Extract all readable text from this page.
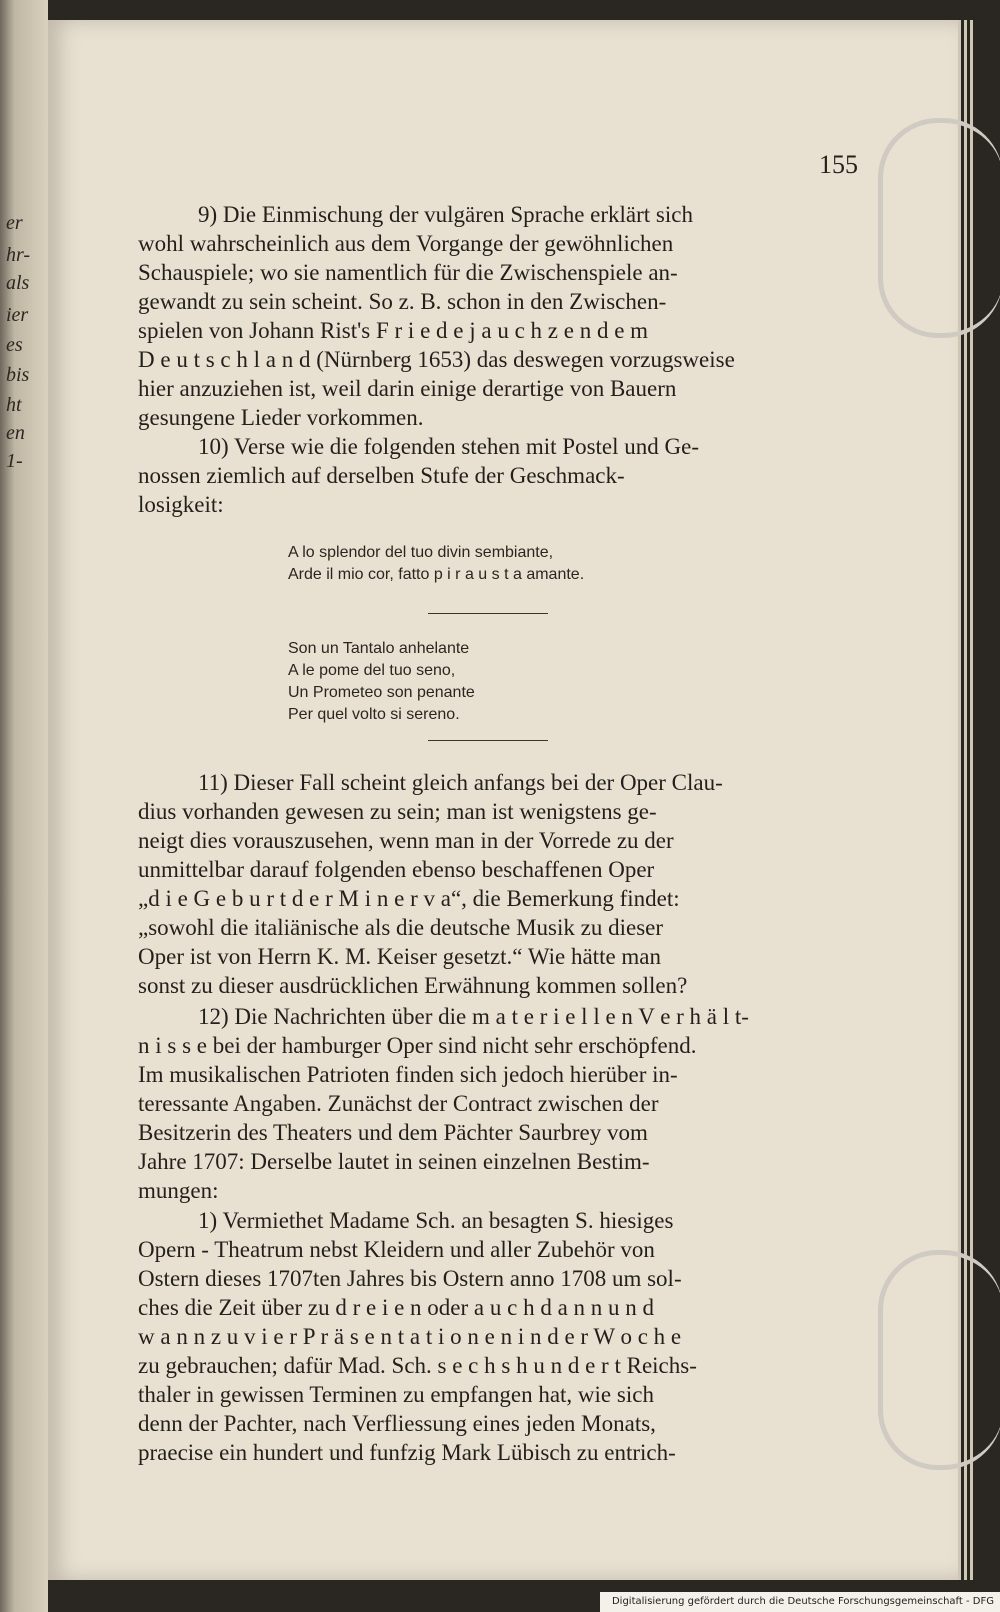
er
hr-
als
ier
es
bis
ht
en
1-
155
9) Die Einmischung der vulgären Sprache erklärt sich
wohl wahrscheinlich aus dem Vorgange der gewöhnlichen
Schauspiele; wo sie namentlich für die Zwischenspiele an-
gewandt zu sein scheint. So z. B. schon in den Zwischen-
spielen von Johann Rist's F r i e d e j a u c h z e n d e m
D e u t s c h l a n d (Nürnberg 1653) das deswegen vorzugsweise
hier anzuziehen ist, weil darin einige derartige von Bauern
gesungene Lieder vorkommen.
10) Verse wie die folgenden stehen mit Postel und Ge-
nossen ziemlich auf derselben Stufe der Geschmack-
losigkeit:
A lo splendor del tuo divin sembiante,
Arde il mio cor, fatto p i r a u s t a amante.
Son un Tantalo anhelante
A le pome del tuo seno,
Un Prometeo son penante
Per quel volto si sereno.
11) Dieser Fall scheint gleich anfangs bei der Oper Clau-
dius vorhanden gewesen zu sein; man ist wenigstens ge-
neigt dies vorauszusehen, wenn man in der Vorrede zu der
unmittelbar darauf folgenden ebenso beschaffenen Oper
„d i e G e b u r t d e r M i n e r v a“, die Bemerkung findet:
„sowohl die italiänische als die deutsche Musik zu dieser
Oper ist von Herrn K. M. Keiser gesetzt.“ Wie hätte man
sonst zu dieser ausdrücklichen Erwähnung kommen sollen?
12) Die Nachrichten über die m a t e r i e l l e n V e r h ä l t-
n i s s e bei der hamburger Oper sind nicht sehr erschöpfend.
Im musikalischen Patrioten finden sich jedoch hierüber in-
teressante Angaben. Zunächst der Contract zwischen der
Besitzerin des Theaters und dem Pächter Saurbrey vom
Jahre 1707: Derselbe lautet in seinen einzelnen Bestim-
mungen:
1) Vermiethet Madame Sch. an besagten S. hiesiges
Opern - Theatrum nebst Kleidern und aller Zubehör von
Ostern dieses 1707ten Jahres bis Ostern anno 1708 um sol-
ches die Zeit über zu d r e i e n oder a u c h d a n n u n d
w a n n z u v i e r P r ä s e n t a t i o n e n i n d e r W o c h e
zu gebrauchen; dafür Mad. Sch. s e c h s h u n d e r t Reichs-
thaler in gewissen Terminen zu empfangen hat, wie sich
denn der Pachter, nach Verfliessung eines jeden Monats,
praecise ein hundert und funfzig Mark Lübisch zu entrich-
Digitalisierung gefördert durch die Deutsche Forschungsgemeinschaft - DFG
